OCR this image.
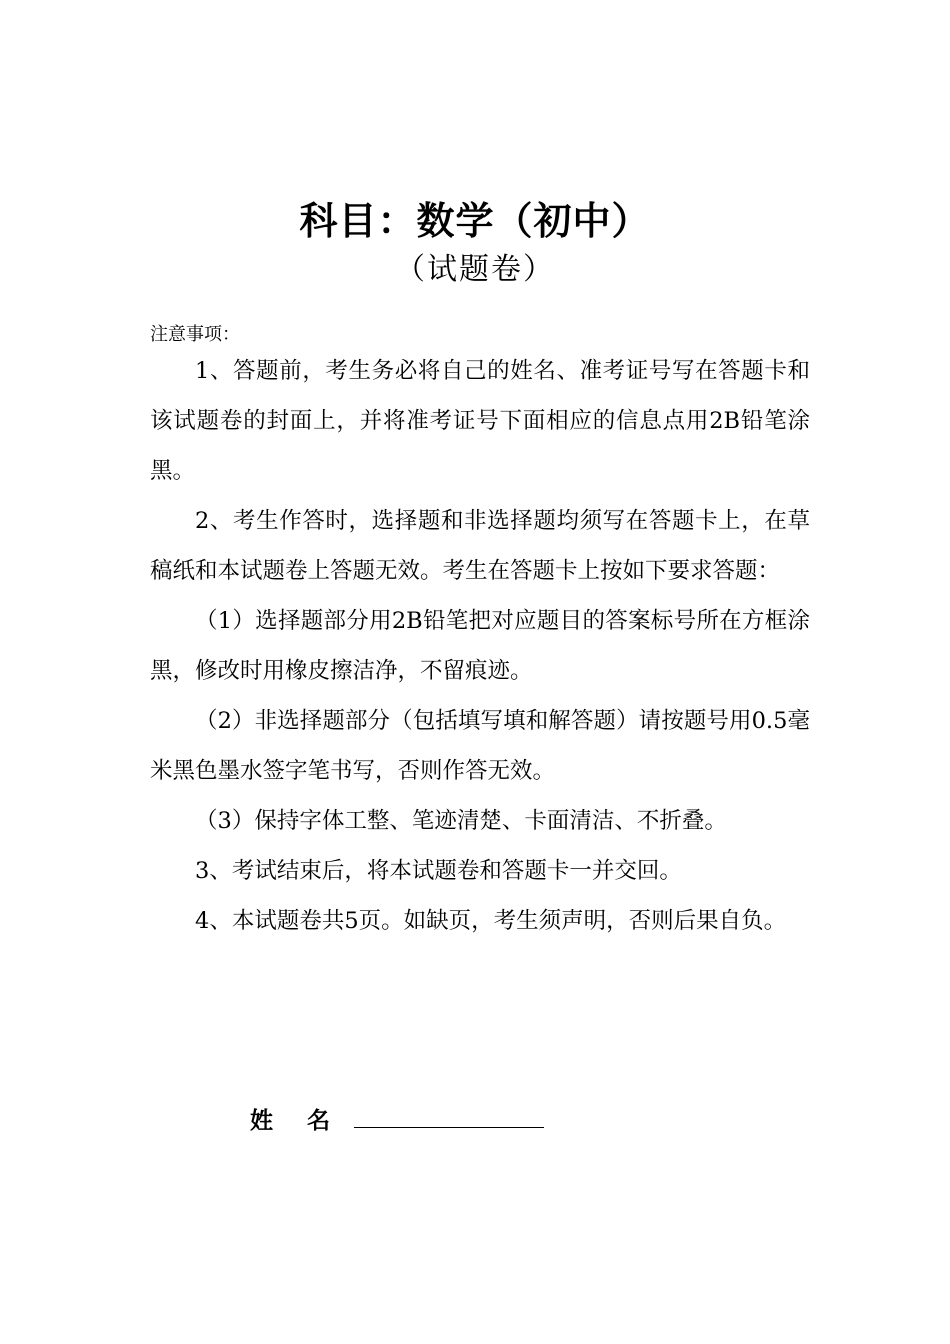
科目：数学（初中）
（试题卷）
注意事项：

1、答题前，考生务必将自己的姓名、准考证号写在答题卡和该试题卷的封面上，并将准考证号下面相应的信息点用2B铅笔涂黑。

2、考生作答时，选择题和非选择题均须写在答题卡上，在草稿纸和本试题卷上答题无效。考生在答题卡上按如下要求答题：

（1）选择题部分用2B铅笔把对应题目的答案标号所在方框涂黑，修改时用橡皮擦洁净，不留痕迹。

（2）非选择题部分（包括填写填和解答题）请按题号用0.5毫米黑色墨水签字笔书写，否则作答无效。

（3）保持字体工整、笔迹清楚、卡面清洁、不折叠。

3、考试结束后，将本试题卷和答题卡一并交回。

4、本试题卷共5页。如缺页，考生须声明，否则后果自负。

姓名
